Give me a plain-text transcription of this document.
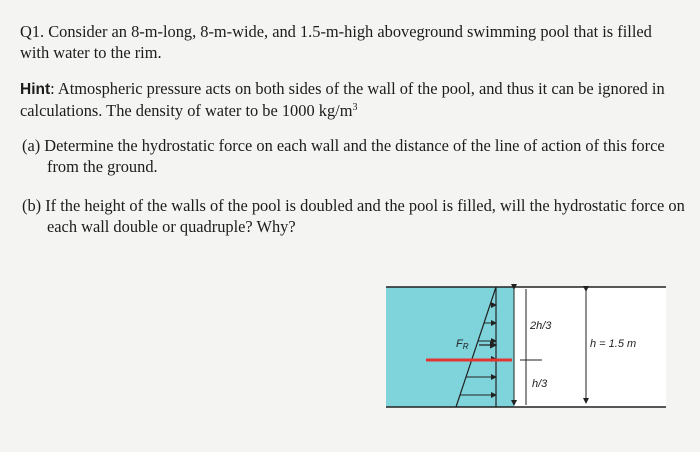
Q1. Consider an 8-m-long, 8-m-wide, and 1.5-m-high aboveground swimming pool that is filled with water to the rim.

Hint: Atmospheric pressure acts on both sides of the wall of the pool, and thus it can be ignored in calculations. The density of water to be 1000 $kg/m^3$

(a) Determine the hydrostatic force on each wall and the distance of the line of action of this force from the ground.

(b) If the height of the walls of the pool is doubled and the pool is filled, will the hydrostatic force on each wall double or quadruple? Why?

FR
2h/3
h/3
h = 1.5 m
